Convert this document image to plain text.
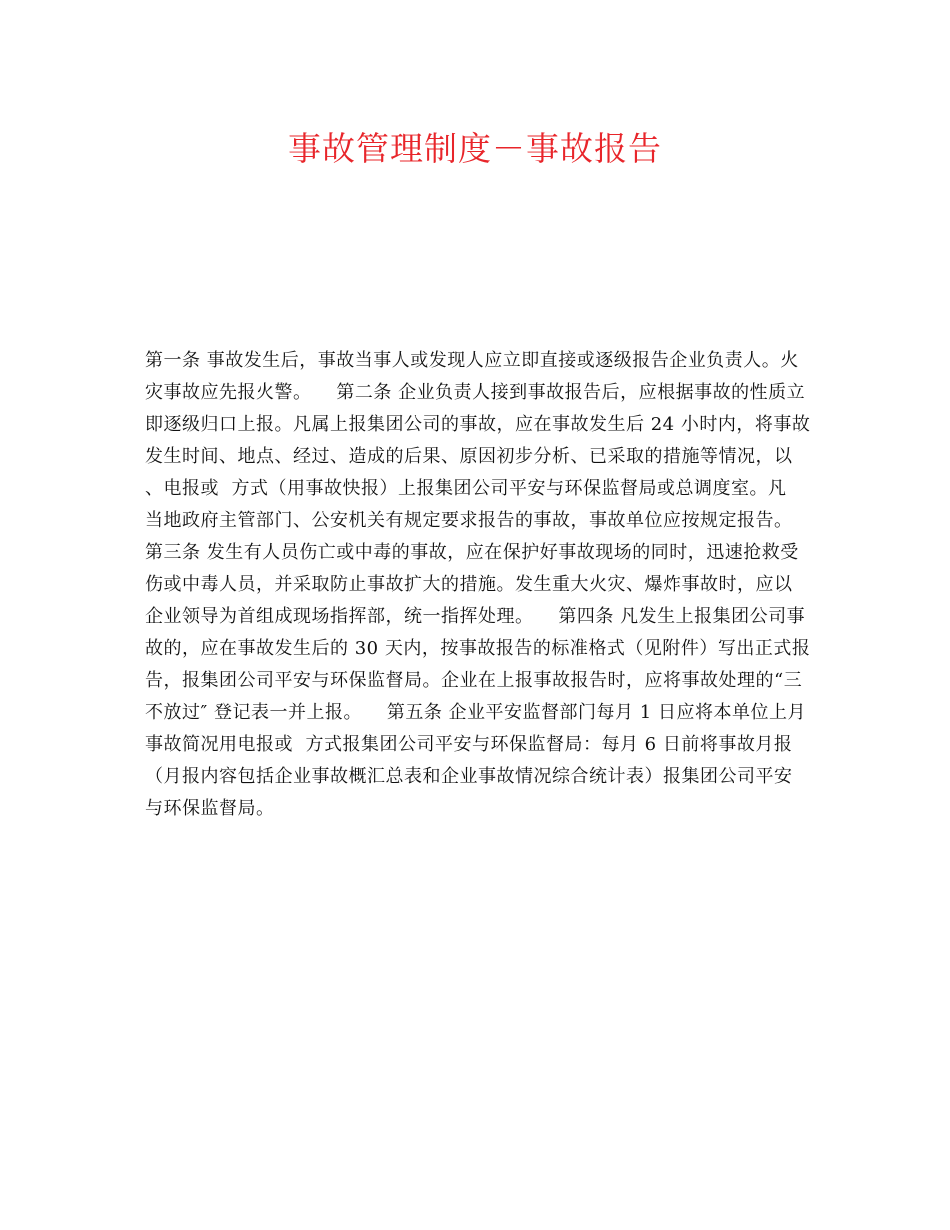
事故管理制度－事故报告
第一条 事故发生后，事故当事人或发现人应立即直接或逐级报告企业负责人。火
灾事故应先报火警。    第二条 企业负责人接到事故报告后，应根据事故的性质立
即逐级归口上报。凡属上报集团公司的事故，应在事故发生后 24 小时内，将事故
发生时间、地点、经过、造成的后果、原因初步分析、已采取的措施等情况，以
、电报或  方式（用事故快报）上报集团公司平安与环保监督局或总调度室。凡
当地政府主管部门、公安机关有规定要求报告的事故，事故单位应按规定报告。
第三条 发生有人员伤亡或中毒的事故，应在保护好事故现场的同时，迅速抢救受
伤或中毒人员，并采取防止事故扩大的措施。发生重大火灾、爆炸事故时，应以
企业领导为首组成现场指挥部，统一指挥处理。    第四条 凡发生上报集团公司事
故的，应在事故发生后的 30 天内，按事故报告的标准格式（见附件）写出正式报
告，报集团公司平安与环保监督局。企业在上报事故报告时，应将事故处理的“三
不放过″ 登记表一并上报。    第五条 企业平安监督部门每月 1 日应将本单位上月
事故简况用电报或  方式报集团公司平安与环保监督局：每月 6 日前将事故月报
（月报内容包括企业事故概汇总表和企业事故情况综合统计表）报集团公司平安
与环保监督局。
